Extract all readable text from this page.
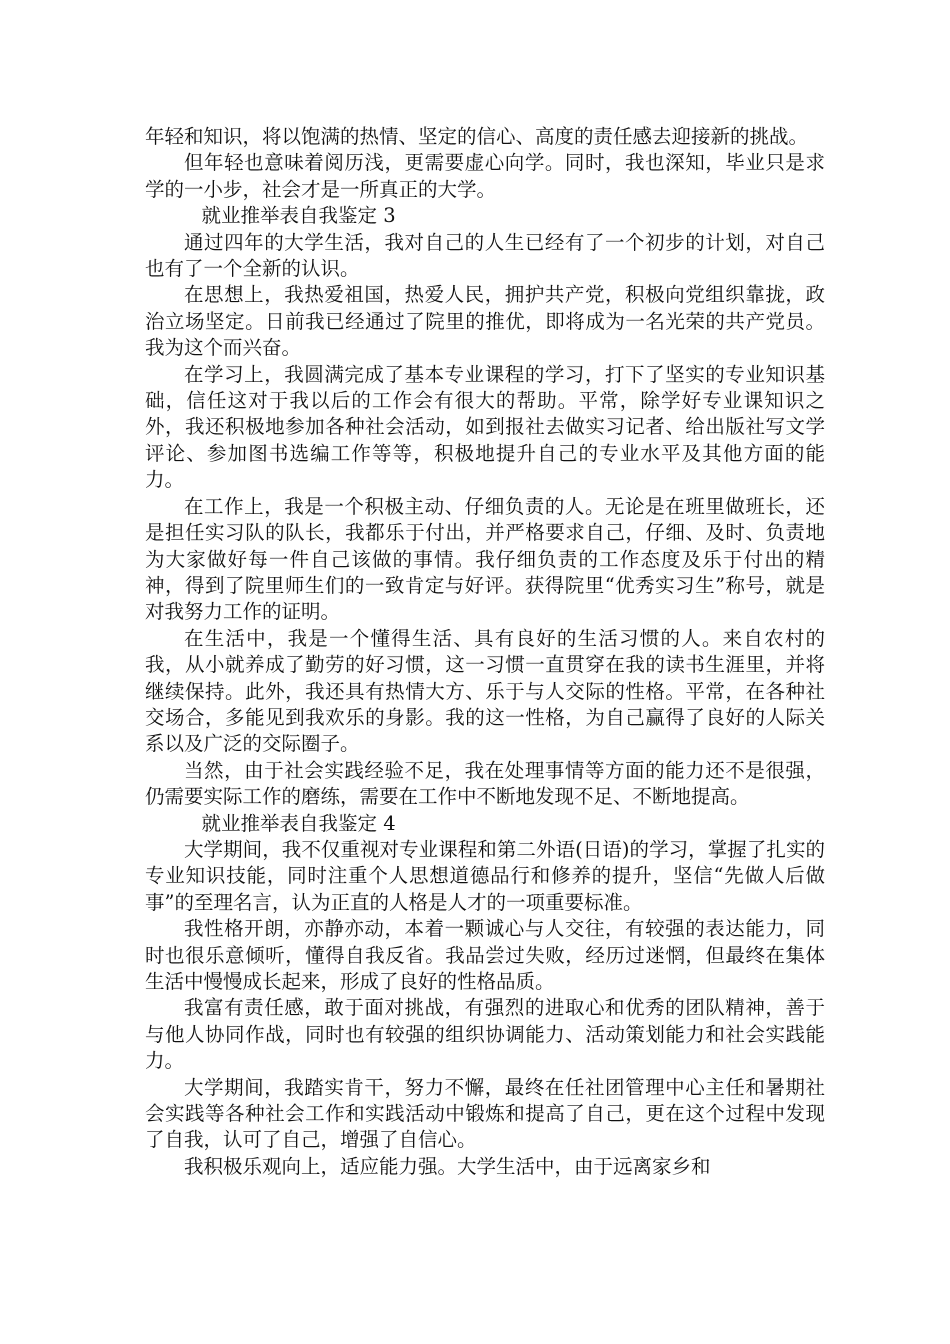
年轻和知识，将以饱满的热情、坚定的信心、高度的责任感去迎接新的挑战。

但年轻也意味着阅历浅，更需要虚心向学。同时，我也深知，毕业只是求学的一小步，社会才是一所真正的大学。

就业推举表自我鉴定 3

通过四年的大学生活，我对自己的人生已经有了一个初步的计划，对自己也有了一个全新的认识。

在思想上，我热爱祖国，热爱人民，拥护共产党，积极向党组织靠拢，政治立场坚定。日前我已经通过了院里的推优，即将成为一名光荣的共产党员。我为这个而兴奋。

在学习上，我圆满完成了基本专业课程的学习，打下了坚实的专业知识基础，信任这对于我以后的工作会有很大的帮助。平常，除学好专业课知识之外，我还积极地参加各种社会活动，如到报社去做实习记者、给出版社写文学评论、参加图书选编工作等等，积极地提升自己的专业水平及其他方面的能力。

在工作上，我是一个积极主动、仔细负责的人。无论是在班里做班长，还是担任实习队的队长，我都乐于付出，并严格要求自己，仔细、及时、负责地为大家做好每一件自己该做的事情。我仔细负责的工作态度及乐于付出的精神，得到了院里师生们的一致肯定与好评。获得院里“优秀实习生”称号，就是对我努力工作的证明。

在生活中，我是一个懂得生活、具有良好的生活习惯的人。来自农村的我，从小就养成了勤劳的好习惯，这一习惯一直贯穿在我的读书生涯里，并将继续保持。此外，我还具有热情大方、乐于与人交际的性格。平常，在各种社交场合，多能见到我欢乐的身影。我的这一性格，为自己赢得了良好的人际关系以及广泛的交际圈子。

当然，由于社会实践经验不足，我在处理事情等方面的能力还不是很强，仍需要实际工作的磨练，需要在工作中不断地发现不足、不断地提高。

就业推举表自我鉴定 4

大学期间，我不仅重视对专业课程和第二外语(日语)的学习，掌握了扎实的专业知识技能，同时注重个人思想道德品行和修养的提升，坚信“先做人后做事”的至理名言，认为正直的人格是人才的一项重要标准。

我性格开朗，亦静亦动，本着一颗诚心与人交往，有较强的表达能力，同时也很乐意倾听，懂得自我反省。我品尝过失败，经历过迷惘，但最终在集体生活中慢慢成长起来，形成了良好的性格品质。

我富有责任感，敢于面对挑战，有强烈的进取心和优秀的团队精神，善于与他人协同作战，同时也有较强的组织协调能力、活动策划能力和社会实践能力。

大学期间，我踏实肯干，努力不懈，最终在任社团管理中心主任和暑期社会实践等各种社会工作和实践活动中锻炼和提高了自己，更在这个过程中发现了自我，认可了自己，增强了自信心。

我积极乐观向上，适应能力强。大学生活中，由于远离家乡和
